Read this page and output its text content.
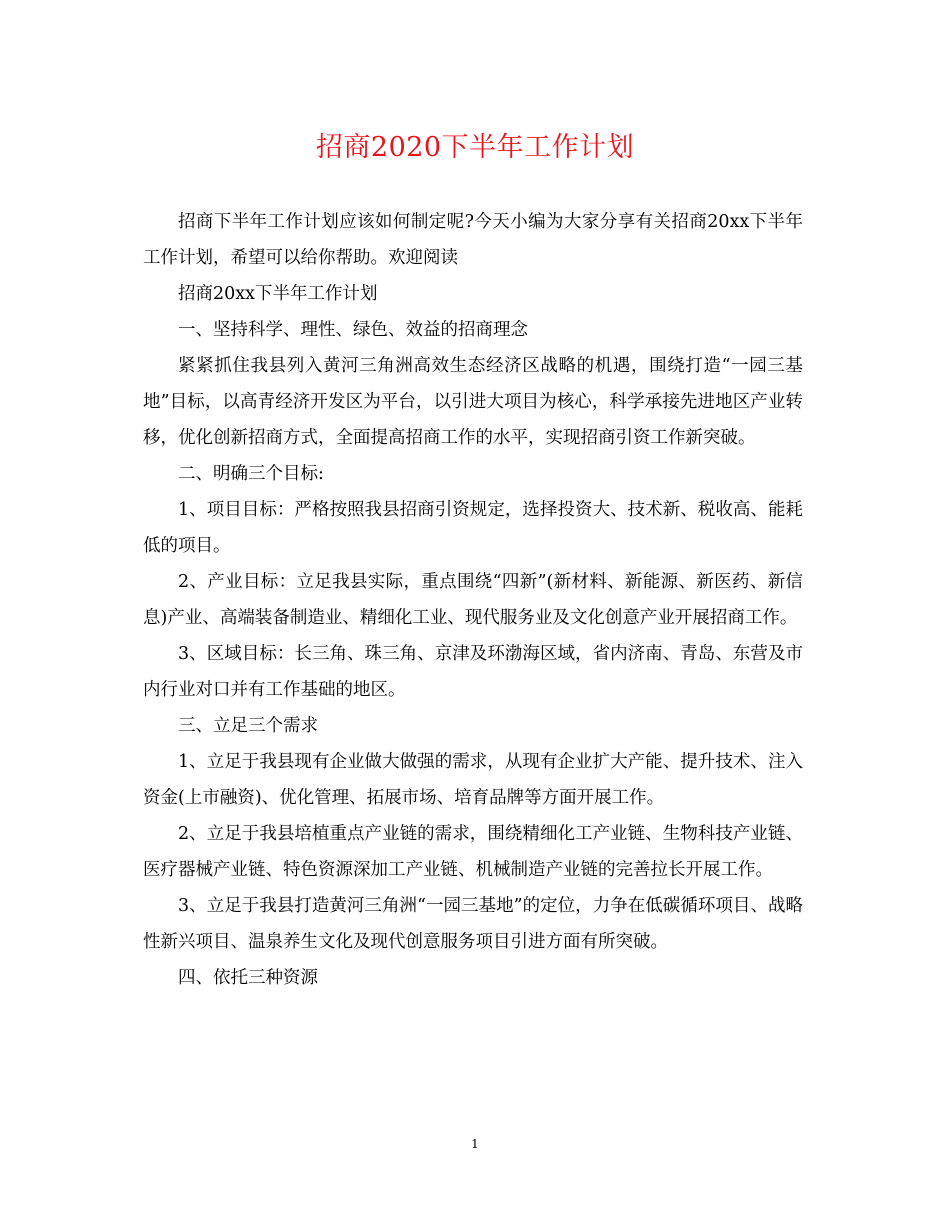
招商2020下半年工作计划

招商下半年工作计划应该如何制定呢?今天小编为大家分享有关招商20xx下半年工作计划，希望可以给你帮助。欢迎阅读

招商20xx下半年工作计划

一、坚持科学、理性、绿色、效益的招商理念

紧紧抓住我县列入黄河三角洲高效生态经济区战略的机遇，围绕打造“一园三基地”目标，以高青经济开发区为平台，以引进大项目为核心，科学承接先进地区产业转移，优化创新招商方式，全面提高招商工作的水平，实现招商引资工作新突破。

二、明确三个目标:

1、项目目标：严格按照我县招商引资规定，选择投资大、技术新、税收高、能耗低的项目。

2、产业目标：立足我县实际，重点围绕“四新”(新材料、新能源、新医药、新信息)产业、高端装备制造业、精细化工业、现代服务业及文化创意产业开展招商工作。

3、区域目标：长三角、珠三角、京津及环渤海区域，省内济南、青岛、东营及市内行业对口并有工作基础的地区。

三、立足三个需求

1、立足于我县现有企业做大做强的需求，从现有企业扩大产能、提升技术、注入资金(上市融资)、优化管理、拓展市场、培育品牌等方面开展工作。

2、立足于我县培植重点产业链的需求，围绕精细化工产业链、生物科技产业链、医疗器械产业链、特色资源深加工产业链、机械制造产业链的完善拉长开展工作。

3、立足于我县打造黄河三角洲“一园三基地”的定位，力争在低碳循环项目、战略性新兴项目、温泉养生文化及现代创意服务项目引进方面有所突破。

四、依托三种资源

1
